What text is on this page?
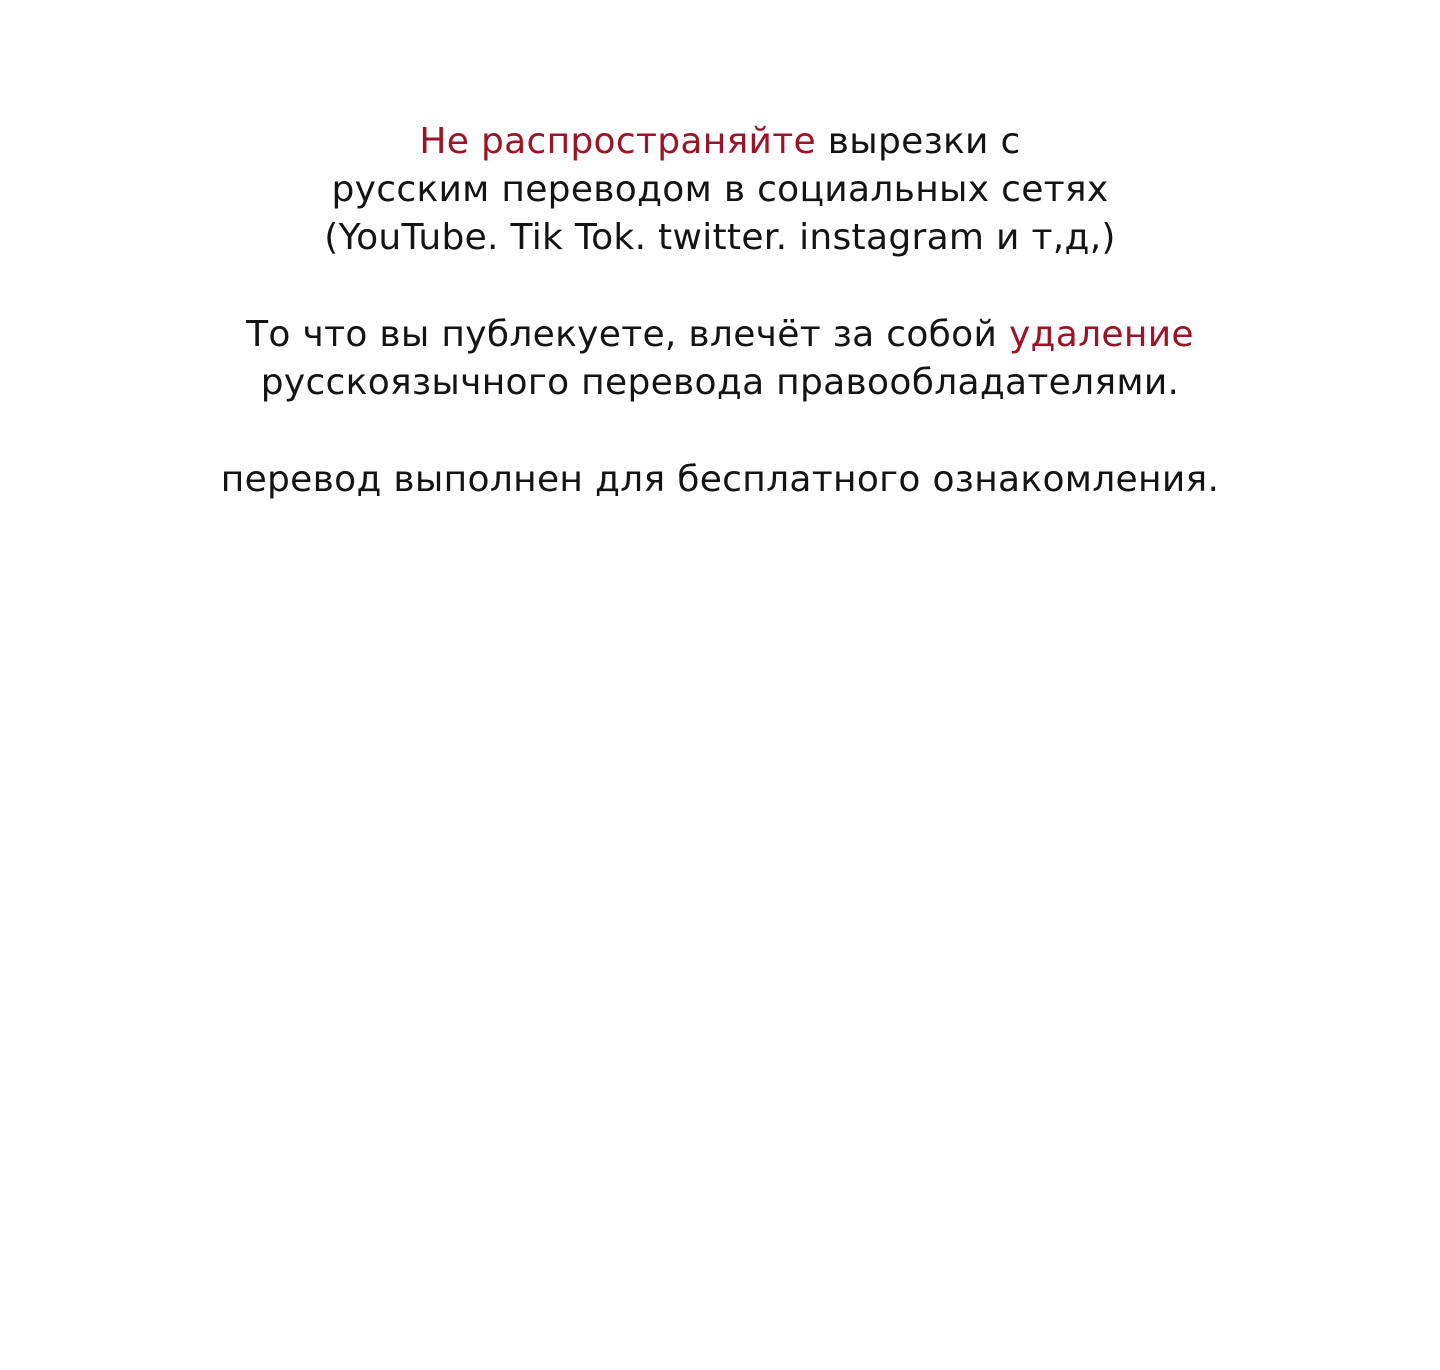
Не распространяйте вырезки с
русским переводом в социальных сетях
(YouTube. Tik Tok. twitter. instagram и т,д,)
То что вы публекуете, влечёт за собой удаление
русскоязычного перевода правообладателями.
перевод выполнен для бесплатного ознакомления.
